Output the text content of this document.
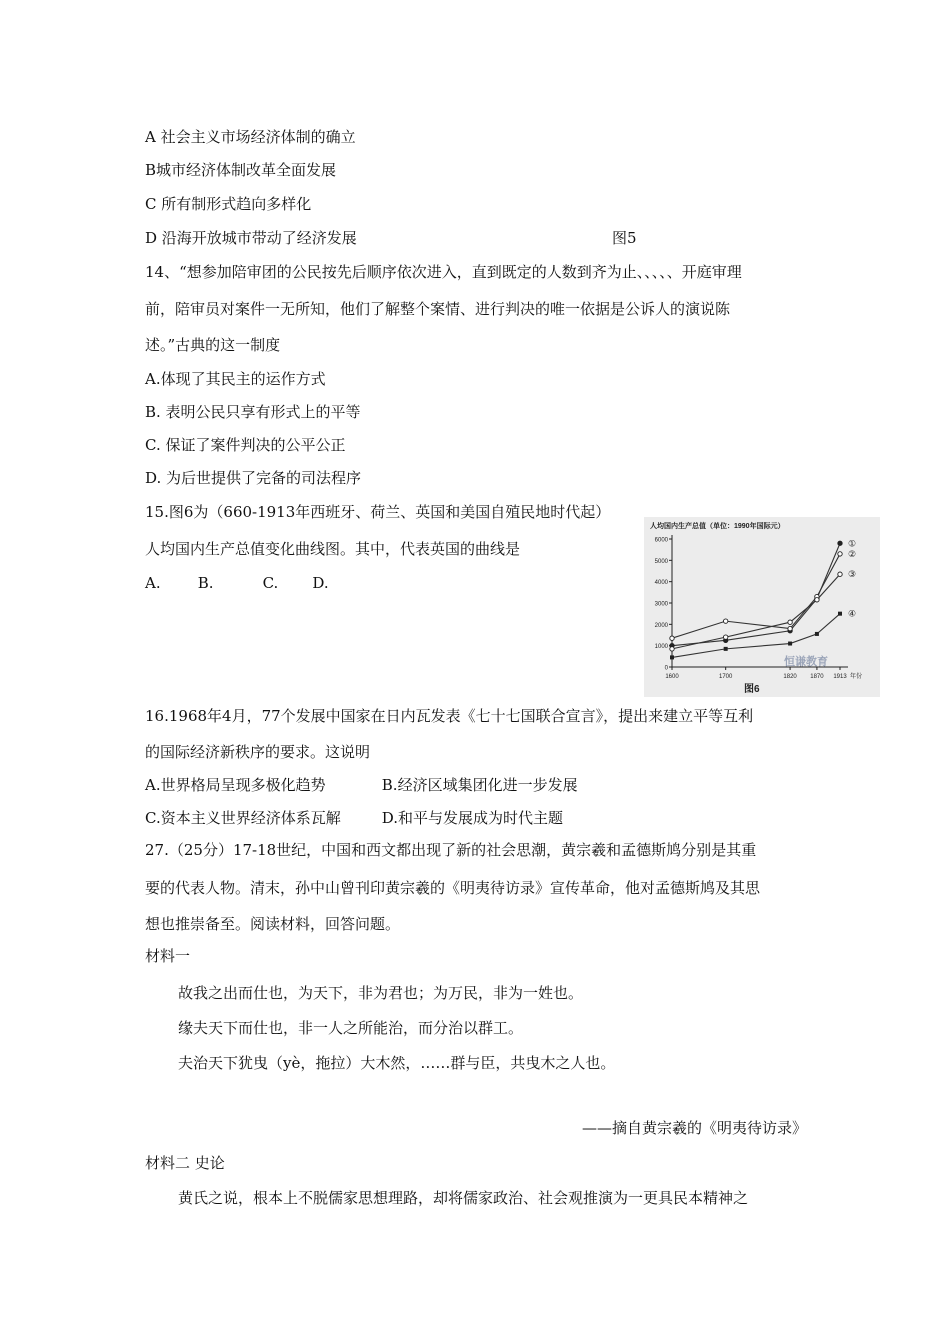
A 社会主义市场经济体制的确立
B城市经济体制改革全面发展
C 所有制形式趋向多样化
D 沿海开放城市带动了经济发展	图5
14、“想参加陪审团的公民按先后顺序依次进入，直到既定的人数到齐为止、、、、、开庭审理
前，陪审员对案件一无所知，他们了解整个案情、进行判决的唯一依据是公诉人的演说陈
述。”古典的这一制度
A.体现了其民主的运作方式
B. 表明公民只享有形式上的平等
C. 保证了案件判决的公平公正
D. 为后世提供了完备的司法程序
15.图6为（660-1913年西班牙、荷兰、英国和美国自殖民地时代起）
人均国内生产总值变化曲线图。其中，代表英国的曲线是
A. B.	C. D.
人均国内生产总值（单位：1990年国际元）
恒谦教育
图6
0
1000
2000
3000
4000
5000
6000
1600	1700	1820 1870 1913 年份
①
②
③
④
16.1968年4月，77个发展中国家在日内瓦发表《七十七国联合宣言》，提出来建立平等互利
的国际经济新秩序的要求。这说明
A.世界格局呈现多极化趋势	B.经济区域集团化进一步发展
C.资本主义世界经济体系瓦解	D.和平与发展成为时代主题
27.（25分）17-18世纪，中国和西文都出现了新的社会思潮，黄宗羲和孟德斯鸠分别是其重
要的代表人物。清末，孙中山曾刊印黄宗羲的《明夷待访录》宣传革命，他对孟德斯鸠及其思
想也推崇备至。阅读材料，回答问题。
材料一
故我之出而仕也，为天下，非为君也；为万民，非为一姓也。
缘夫天下而仕也，非一人之所能治，而分治以群工。
夫治天下犹曳（yè，拖拉）大木然，……群与臣，共曳木之人也。
——摘自黄宗羲的《明夷待访录》
材料二 史论
黄氏之说，根本上不脱儒家思想理路，却将儒家政治、社会观推演为一更具民本精神之
